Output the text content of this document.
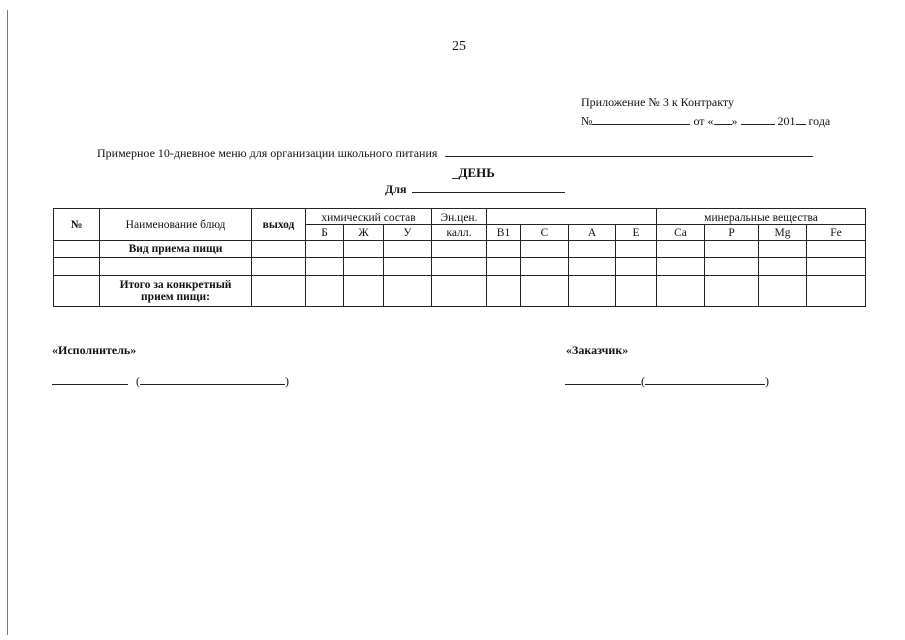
25
Приложение № 3 к Контракту
№	от « »	201 года
Примерное 10-дневное меню для организации школьного питания
_ДЕНЬ
Для
№	Наименование блюд	выход	химический состав			Эн.цен.					минеральные вещества			
			Б	Ж	У	калл.	В1	С	А	Е	Ca	P	Mg	Fe
	Вид приема пищи													

	Итого за конкретный прием пищи:													
«Исполнитель»
(	)
«Заказчик»
(	)
